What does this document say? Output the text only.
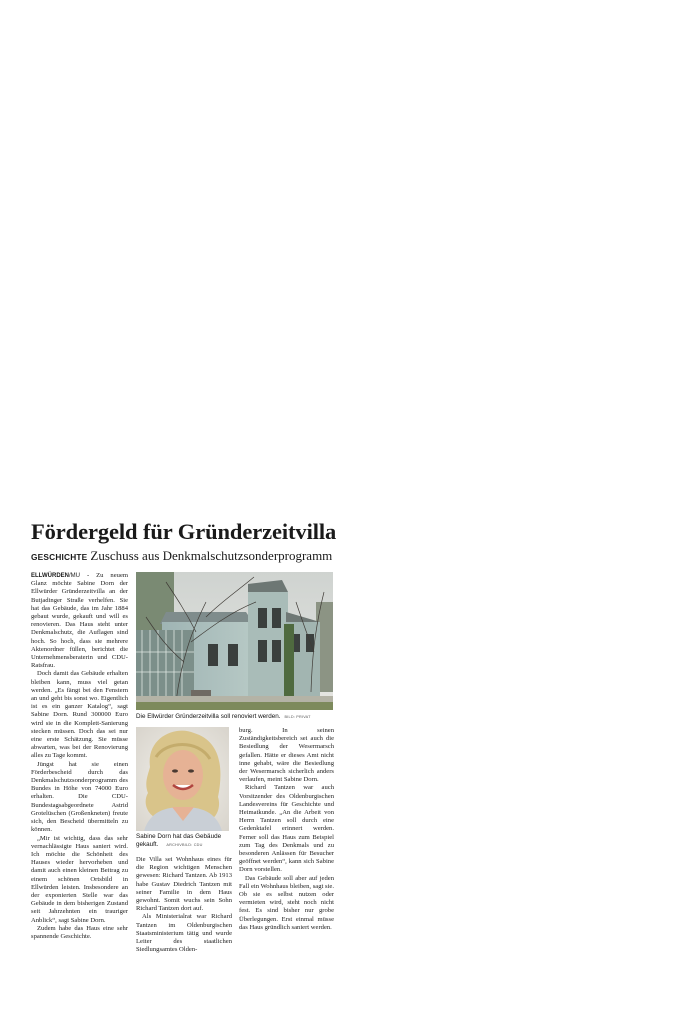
Fördergeld für Gründerzeitvilla
GESCHICHTE Zuschuss aus Denkmalschutzsonderprogramm

ELLWÜRDEN/MU - Zu neuem Glanz möchte Sabine Dorn der Ellwürder Gründerzeitvilla an der Butjadinger Straße verhelfen. Sie hat das Gebäude, das im Jahr 1884 gebaut wurde, gekauft und will es renovieren. Das Haus steht unter Denkmalschutz, die Auflagen sind hoch. So hoch, dass sie mehrere Aktenordner füllen, berichtet die Unternehmensberaterin und CDU-Ratsfrau.

Doch damit das Gebäude erhalten bleiben kann, muss viel getan werden. „Es fängt bei den Fenstern an und geht bis sonst wo. Eigentlich ist es ein ganzer Katalog“, sagt Sabine Dorn. Rund 300000 Euro wird sie in die Komplett-Sanierung stecken müssen. Doch das sei nur eine erste Schätzung. Sie müsse abwarten, was bei der Renovierung alles zu Tage kommt.

Jüngst hat sie einen Förderbescheid durch das Denkmalschutzsonderprogramm des Bundes in Höhe von 74000 Euro erhalten. Die CDU-Bundestagsabgeordnete Astrid Grotelüschen (Großenkneten) freute sich, den Bescheid übermitteln zu können.

„Mir ist wichtig, dass das sehr vernachlässigte Haus saniert wird. Ich möchte die Schönheit des Hauses wieder hervorheben und damit auch einen kleinen Beitrag zu einem schönen Ortsbild in Ellwürden leisten. Insbesondere an der exponierten Stelle war das Gebäude in dem bisherigen Zustand seit Jahrzehnten ein trauriger Anblick“, sagt Sabine Dorn.

Zudem habe das Haus eine sehr spannende Geschichte.

Die Ellwürder Gründerzeitvilla soll renoviert werden. BILD: PRIVAT
Sabine Dorn hat das Gebäude gekauft. ARCHIVBILD: CDU

Die Villa sei Wohnhaus eines für die Region wichtigen Menschen gewesen: Richard Tantzen. Ab 1913 habe Gustav Diedrich Tantzen mit seiner Familie in dem Haus gewohnt. Somit wuchs sein Sohn Richard Tantzen dort auf.

Als Ministerialrat war Richard Tantzen im Oldenburgischen Staatsministerium tätig und wurde Leiter des staatlichen Siedlungsamtes Olden-

burg. In seinen Zuständigkeitsbereich sei auch die Besiedlung der Wesermarsch gefallen. Hätte er dieses Amt nicht inne gehabt, wäre die Besiedlung der Wesermarsch sicherlich anders verlaufen, meint Sabine Dorn.

Richard Tantzen war auch Vorsitzender des Oldenburgischen Landesvereins für Geschichte und Heimatkunde. „An die Arbeit von Herrn Tantzen soll durch eine Gedenktafel erinnert werden. Ferner soll das Haus zum Beispiel zum Tag des Denkmals und zu besonderen Anlässen für Besucher geöffnet werden“, kann sich Sabine Dorn vorstellen.

Das Gebäude soll aber auf jeden Fall ein Wohnhaus bleiben, sagt sie. Ob sie es selbst nutzen oder vermieten wird, steht noch nicht fest. Es sind bisher nur grobe Überlegungen. Erst einmal müsse das Haus gründlich saniert werden.
